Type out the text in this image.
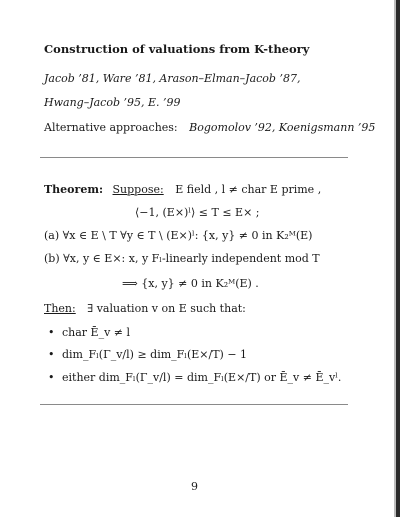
Construction of valuations from K-theory
Jacob ’81, Ware ’81, Arason–Elman–Jacob ’87,
Hwang–Jacob ’95, E. ’99
Alternative approaches: Bogomolov ’92, Koenigsmann ’95
Theorem: Suppose: E field , l ≠ char E prime ,
⟨−1, (E×)ˡ⟩ ≤ T ≤ E× ;
(a) ∀x ∈ E \ T ∀y ∈ T \ (E×)ˡ: {x, y} ≠ 0 in K₂ᴹ(E)
(b) ∀x, y ∈ E×: x, y Fₗ-linearly independent mod T
⟹ {x, y} ≠ 0 in K₂ᴹ(E) .
Then: ∃ valuation v on E such that:
• char Ē_v ≠ l
• dim_Fₗ(Γ_v/l) ≥ dim_Fₗ(E×/T) − 1
• either dim_Fₗ(Γ_v/l) = dim_Fₗ(E×/T) or Ē_v ≠ Ē_vˡ.
9
